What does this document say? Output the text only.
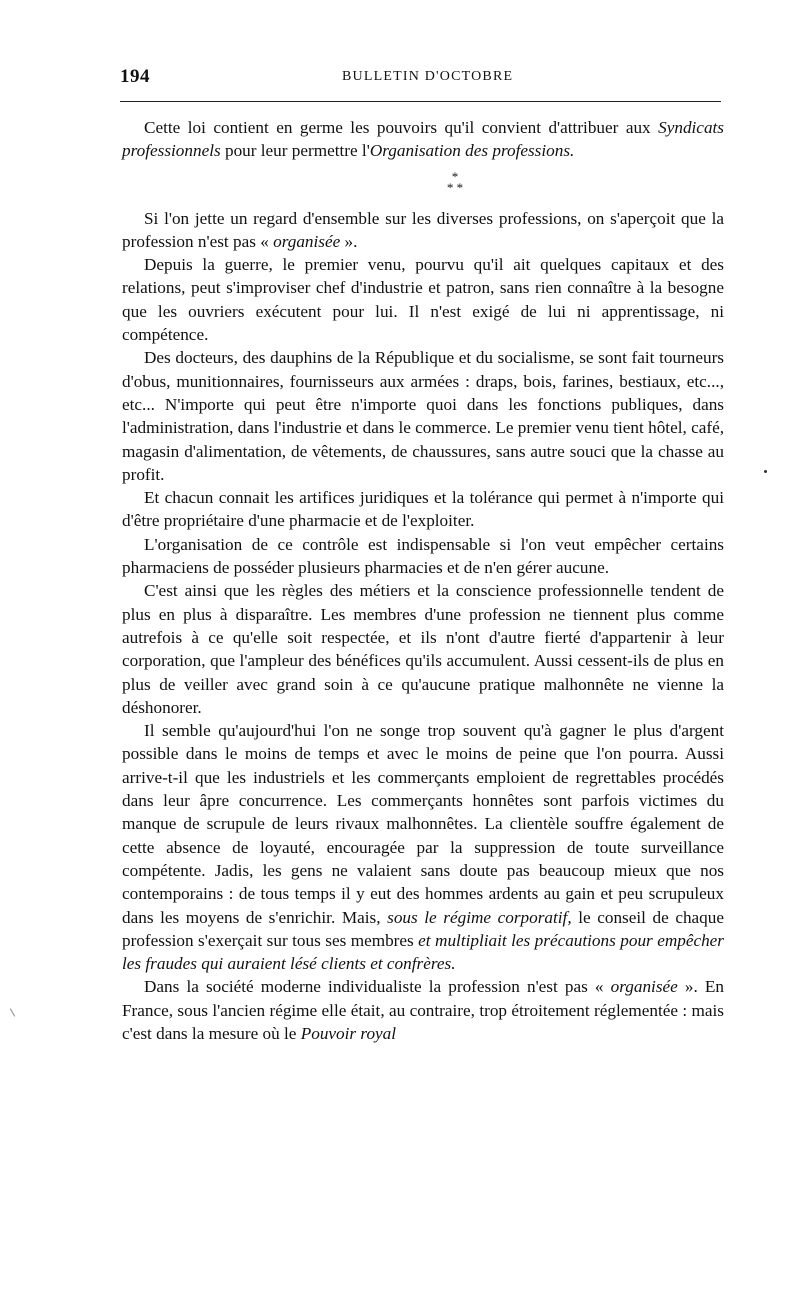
194	BULLETIN D'OCTOBRE

Cette loi contient en germe les pouvoirs qu'il convient d'attribuer aux Syndicats professionnels pour leur permettre l'Organisation des professions.

*
* *

Si l'on jette un regard d'ensemble sur les diverses professions, on s'aperçoit que la profession n'est pas « organisée ».

Depuis la guerre, le premier venu, pourvu qu'il ait quelques capitaux et des relations, peut s'improviser chef d'industrie et patron, sans rien connaître à la besogne que les ouvriers exécutent pour lui. Il n'est exigé de lui ni apprentissage, ni compétence.

Des docteurs, des dauphins de la République et du socialisme, se sont fait tourneurs d'obus, munitionnaires, fournisseurs aux armées : draps, bois, farines, bestiaux, etc..., etc... N'importe qui peut être n'importe quoi dans les fonctions publiques, dans l'administration, dans l'industrie et dans le commerce. Le premier venu tient hôtel, café, magasin d'alimentation, de vêtements, de chaussures, sans autre souci que la chasse au profit.

Et chacun connait les artifices juridiques et la tolérance qui permet à n'importe qui d'être propriétaire d'une pharmacie et de l'exploiter.

L'organisation de ce contrôle est indispensable si l'on veut empêcher certains pharmaciens de posséder plusieurs pharmacies et de n'en gérer aucune.

C'est ainsi que les règles des métiers et la conscience professionnelle tendent de plus en plus à disparaître. Les membres d'une profession ne tiennent plus comme autrefois à ce qu'elle soit respectée, et ils n'ont d'autre fierté d'appartenir à leur corporation, que l'ampleur des bénéfices qu'ils accumulent. Aussi cessent-ils de plus en plus de veiller avec grand soin à ce qu'aucune pratique malhonnête ne vienne la déshonorer.

Il semble qu'aujourd'hui l'on ne songe trop souvent qu'à gagner le plus d'argent possible dans le moins de temps et avec le moins de peine que l'on pourra. Aussi arrive-t-il que les industriels et les commerçants emploient de regrettables procédés dans leur âpre concurrence. Les commerçants honnêtes sont parfois victimes du manque de scrupule de leurs rivaux malhonnêtes. La clientèle souffre également de cette absence de loyauté, encouragée par la suppression de toute surveillance compétente. Jadis, les gens ne valaient sans doute pas beaucoup mieux que nos contemporains : de tous temps il y eut des hommes ardents au gain et peu scrupuleux dans les moyens de s'enrichir. Mais, sous le régime corporatif, le conseil de chaque profession s'exerçait sur tous ses membres et multipliait les précautions pour empêcher les fraudes qui auraient lésé clients et confrères.

Dans la société moderne individualiste la profession n'est pas « organisée ». En France, sous l'ancien régime elle était, au contraire, trop étroitement réglementée : mais c'est dans la mesure où le Pouvoir royal
